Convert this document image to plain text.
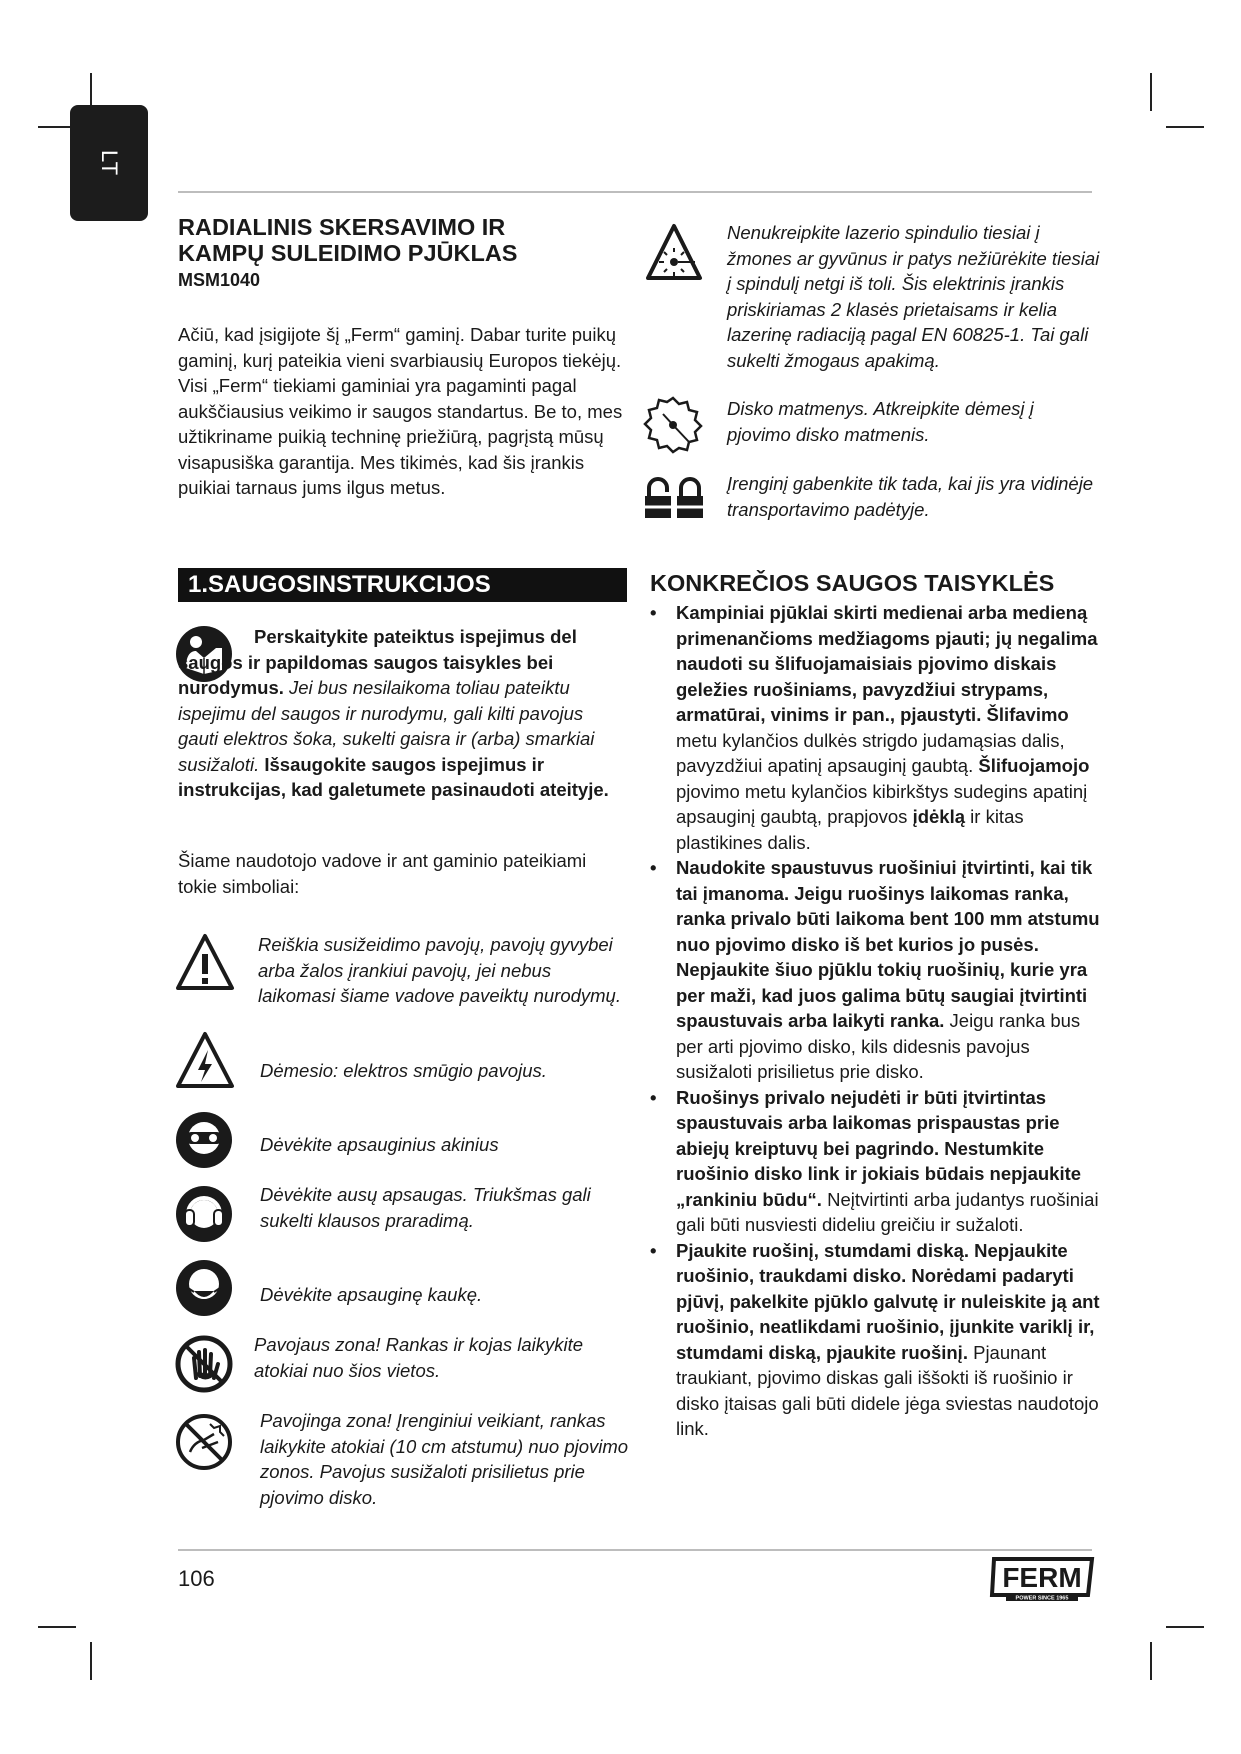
LT
RADIALINIS SKERSAVIMO IR
KAMPŲ SULEIDIMO PJŪKLAS
MSM1040

Ačiū, kad įsigijote šį „Ferm“ gaminį. Dabar turite puikų gaminį, kurį pateikia vieni svarbiausių Europos tiekėjų. Visi „Ferm“ tiekiami gaminiai yra pagaminti pagal aukščiausius veikimo ir saugos standartus. Be to, mes užtikriname puikią techninę priežiūrą, pagrįstą mūsų visapusiška garantija. Mes tikimės, kad šis įrankis puikiai tarnaus jums ilgus metus.

Nenukreipkite lazerio spindulio tiesiai į žmones ar gyvūnus ir patys nežiūrėkite tiesiai į spindulį netgi iš toli. Šis elektrinis įrankis priskiriamas 2 klasės prietaisams ir kelia lazerinę radiaciją pagal EN 60825-1. Tai gali sukelti žmogaus apakimą.

Disko matmenys. Atkreipkite dėmesį į pjovimo disko matmenis.

Įrenginį gabenkite tik tada, kai jis yra vidinėje transportavimo padėtyje.

1.SAUGOSINSTRUKCIJOS

Perskaitykite pateiktus ispejimus del saugos ir papildomas saugos taisykles bei nurodymus. Jei bus nesilaikoma toliau pateiktu ispejimu del saugos ir nurodymu, gali kilti pavojus gauti elektros šoka, sukelti gaisra ir (arba) smarkiai susižaloti. Išsaugokite saugos ispejimus ir instrukcijas, kad galetumete pasinaudoti ateityje.

Šiame naudotojo vadove ir ant gaminio pateikiami tokie simboliai:

Reiškia susižeidimo pavojų, pavojų gyvybei arba žalos įrankiui pavojų, jei nebus laikomasi šiame vadove paveiktų nurodymų.

Dėmesio: elektros smūgio pavojus.

Dėvėkite apsauginius akinius

Dėvėkite ausų apsaugas. Triukšmas gali sukelti klausos praradimą.

Dėvėkite apsauginę kaukę.

Pavojaus zona! Rankas ir kojas laikykite atokiai nuo šios vietos.

Pavojinga zona! Įrenginiui veikiant, rankas laikykite atokiai (10 cm atstumu) nuo pjovimo zonos. Pavojus susižaloti prisilietus prie pjovimo disko.

KONKREČIOS SAUGOS TAISYKLĖS
• Kampiniai pjūklai skirti medienai arba medieną primenančioms medžiagoms pjauti; jų negalima naudoti su šlifuojamaisiais pjovimo diskais geležies ruošiniams, pavyzdžiui strypams, armatūrai, vinims ir pan., pjaustyti. Šlifavimo metu kylančios dulkės strigdo judamąsias dalis, pavyzdžiui apatinį apsauginį gaubtą. Šlifuojamojo pjovimo metu kylančios kibirkštys sudegins apatinį apsauginį gaubtą, prapjovos įdėklą ir kitas plastikines dalis.
• Naudokite spaustuvus ruošiniui įtvirtinti, kai tik tai įmanoma. Jeigu ruošinys laikomas ranka, ranka privalo būti laikoma bent 100 mm atstumu nuo pjovimo disko iš bet kurios jo pusės. Nepjaukite šiuo pjūklu tokių ruošinių, kurie yra per maži, kad juos galima būtų saugiai įtvirtinti spaustuvais arba laikyti ranka. Jeigu ranka bus per arti pjovimo disko, kils didesnis pavojus susižaloti prisilietus prie disko.
• Ruošinys privalo nejudėti ir būti įtvirtintas spaustuvais arba laikomas prispaustas prie abiejų kreiptuvų bei pagrindo. Nestumkite ruošinio disko link ir jokiais būdais nepjaukite „rankiniu būdu“. Neįtvirtinti arba judantys ruošiniai gali būti nusviesti dideliu greičiu ir sužaloti.
• Pjaukite ruošinį, stumdami diską. Nepjaukite ruošinio, traukdami disko. Norėdami padaryti pjūvį, pakelkite pjūklo galvutę ir nuleiskite ją ant ruošinio, neatlikdami ruošinio, įjunkite variklį ir, stumdami diską, pjaukite ruošinį. Pjaunant traukiant, pjovimo diskas gali iššokti iš ruošinio ir disko įtaisas gali būti didele jėga sviestas naudotojo link.
106	FERM
POWER SINCE 1965
